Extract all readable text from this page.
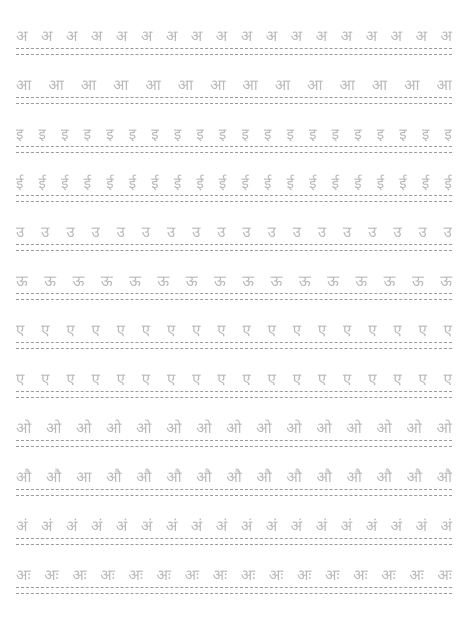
अ अ अ अ अ अ अ अ अ अ अ अ अ अ अ अ अ अ
आ आ आ आ आ आ आ आ आ आ आ आ आ आ
इ इ इ इ इ इ इ इ इ इ इ इ इ इ इ इ इ इ इ इ
ई ई ई ई ई ई ई ई ई ई ई ई ई ई ई ई ई ई ई ई
उ उ उ उ उ उ उ उ उ उ उ उ उ उ उ उ उ उ
ऊ ऊ ऊ ऊ ऊ ऊ ऊ ऊ ऊ ऊ ऊ ऊ ऊ ऊ ऊ ऊ
ए ए ए ए ए ए ए ए ए ए ए ए ए ए ए ए ए ए
ए ए ए ए ए ए ए ए ए ए ए ए ए ए ए ए ए ए
ओ ओ ओ ओ ओ ओ ओ ओ ओ ओ ओ ओ ओ ओ ओ
औ औ आ औ औ औ औ औ औ औ औ औ औ औ औ
अं अं अं अं अं अं अं अं अं अं अं अं अं अं अं अं अं अं
अः अः अः अः अः अः अः अः अः अः अः अः अः अः अः अः
